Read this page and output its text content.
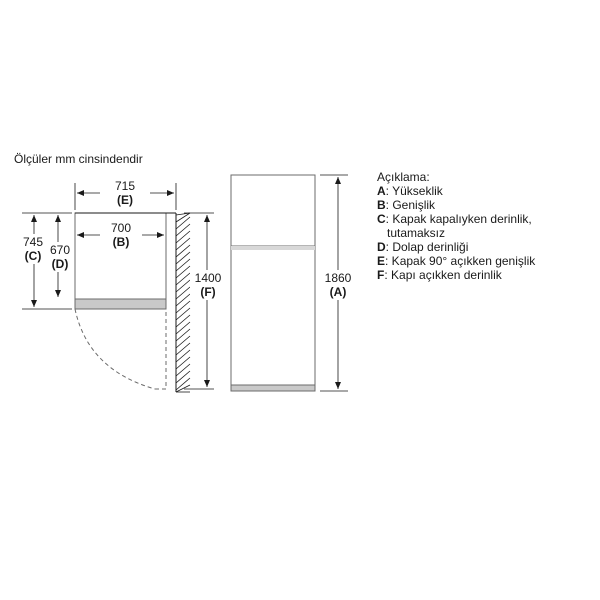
Ölçüler mm cinsindendir
715
(E)
700
(B)
745
(C) 670
(D)
1400
(F)
1860
(A)
Açıklama:
A: Yükseklik
B: Genişlik
C: Kapak kapalıyken derinlik,
tutamaksız
D: Dolap derinliği
E: Kapak 90° açıkken genişlik
F: Kapı açıkken derinlik
